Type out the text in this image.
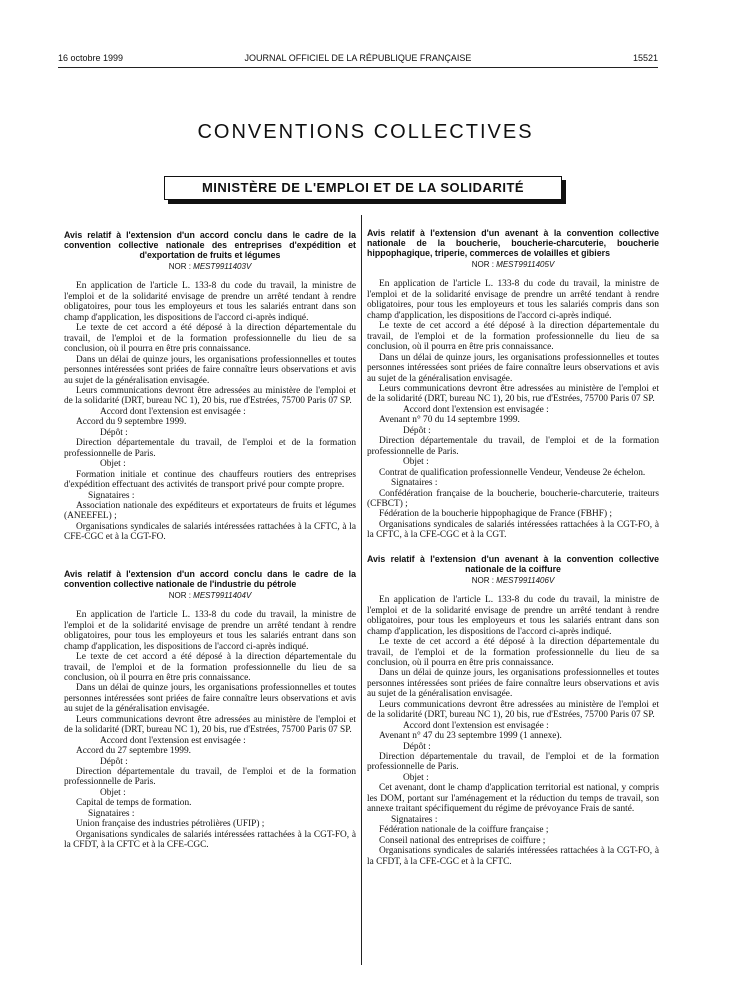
16 octobre 1999	JOURNAL OFFICIEL DE LA RÉPUBLIQUE FRANÇAISE	15521
CONVENTIONS COLLECTIVES
MINISTÈRE DE L'EMPLOI ET DE LA SOLIDARITÉ
Avis relatif à l'extension d'un accord conclu dans le cadre de la convention collective nationale des entreprises d'expédition et d'exportation de fruits et légumes
NOR : MEST9911403V

En application de l'article L. 133-8 du code du travail, la ministre de l'emploi et de la solidarité envisage de prendre un arrêté tendant à rendre obligatoires, pour tous les employeurs et tous les salariés entrant dans son champ d'application, les dispositions de l'accord ci-après indiqué.

Le texte de cet accord a été déposé à la direction départementale du travail, de l'emploi et de la formation professionnelle du lieu de sa conclusion, où il pourra en être pris connaissance.

Dans un délai de quinze jours, les organisations professionnelles et toutes personnes intéressées sont priées de faire connaître leurs observations et avis au sujet de la généralisation envisagée.

Leurs communications devront être adressées au ministère de l'emploi et de la solidarité (DRT, bureau NC 1), 20 bis, rue d'Estrées, 75700 Paris 07 SP.

Accord dont l'extension est envisagée :

Accord du 9 septembre 1999.

Dépôt :

Direction départementale du travail, de l'emploi et de la formation professionnelle de Paris.

Objet :

Formation initiale et continue des chauffeurs routiers des entreprises d'expédition effectuant des activités de transport privé pour compte propre.

Signataires :

Association nationale des expéditeurs et exportateurs de fruits et légumes (ANEEFEL) ;

Organisations syndicales de salariés intéressées rattachées à la CFTC, à la CFE-CGC et à la CGT-FO.

Avis relatif à l'extension d'un accord conclu dans le cadre de la convention collective nationale de l'industrie du pétrole
NOR : MEST9911404V

En application de l'article L. 133-8 du code du travail, la ministre de l'emploi et de la solidarité envisage de prendre un arrêté tendant à rendre obligatoires, pour tous les employeurs et tous les salariés entrant dans son champ d'application, les dispositions de l'accord ci-après indiqué.

Le texte de cet accord a été déposé à la direction départementale du travail, de l'emploi et de la formation professionnelle du lieu de sa conclusion, où il pourra en être pris connaissance.

Dans un délai de quinze jours, les organisations professionnelles et toutes personnes intéressées sont priées de faire connaître leurs observations et avis au sujet de la généralisation envisagée.

Leurs communications devront être adressées au ministère de l'emploi et de la solidarité (DRT, bureau NC 1), 20 bis, rue d'Estrées, 75700 Paris 07 SP.

Accord dont l'extension est envisagée :

Accord du 27 septembre 1999.

Dépôt :

Direction départementale du travail, de l'emploi et de la formation professionnelle de Paris.

Objet :

Capital de temps de formation.

Signataires :

Union française des industries pétrolières (UFIP) ;

Organisations syndicales de salariés intéressées rattachées à la CGT-FO, à la CFDT, à la CFTC et à la CFE-CGC.

Avis relatif à l'extension d'un avenant à la convention collective nationale de la boucherie, boucherie-charcuterie, boucherie hippophagique, triperie, commerces de volailles et gibiers
NOR : MEST9911405V

En application de l'article L. 133-8 du code du travail, la ministre de l'emploi et de la solidarité envisage de prendre un arrêté tendant à rendre obligatoires, pour tous les employeurs et tous les salariés compris dans son champ d'application, les dispositions de l'accord ci-après indiqué.

Le texte de cet accord a été déposé à la direction départementale du travail, de l'emploi et de la formation professionnelle du lieu de sa conclusion, où il pourra en être pris connaissance.

Dans un délai de quinze jours, les organisations professionnelles et toutes personnes intéressées sont priées de faire connaître leurs observations et avis au sujet de la généralisation envisagée.

Leurs communications devront être adressées au ministère de l'emploi et de la solidarité (DRT, bureau NC 1), 20 bis, rue d'Estrées, 75700 Paris 07 SP.

Accord dont l'extension est envisagée :

Avenant n° 70 du 14 septembre 1999.

Dépôt :

Direction départementale du travail, de l'emploi et de la formation professionnelle de Paris.

Objet :

Contrat de qualification professionnelle Vendeur, Vendeuse 2e échelon.

Signataires :

Confédération française de la boucherie, boucherie-charcuterie, traiteurs (CFBCT) ;

Fédération de la boucherie hippophagique de France (FBHF) ;

Organisations syndicales de salariés intéressées rattachées à la CGT-FO, à la CFTC, à la CFE-CGC et à la CGT.

Avis relatif à l'extension d'un avenant à la convention collective nationale de la coiffure
NOR : MEST9911406V

En application de l'article L. 133-8 du code du travail, la ministre de l'emploi et de la solidarité envisage de prendre un arrêté tendant à rendre obligatoires, pour tous les employeurs et tous les salariés entrant dans son champ d'application, les dispositions de l'accord ci-après indiqué.

Le texte de cet accord a été déposé à la direction départementale du travail, de l'emploi et de la formation professionnelle du lieu de sa conclusion, où il pourra en être pris connaissance.

Dans un délai de quinze jours, les organisations professionnelles et toutes personnes intéressées sont priées de faire connaître leurs observations et avis au sujet de la généralisation envisagée.

Leurs communications devront être adressées au ministère de l'emploi et de la solidarité (DRT, bureau NC 1), 20 bis, rue d'Estrées, 75700 Paris 07 SP.

Accord dont l'extension est envisagée :

Avenant n° 47 du 23 septembre 1999 (1 annexe).

Dépôt :

Direction départementale du travail, de l'emploi et de la formation professionnelle de Paris.

Objet :

Cet avenant, dont le champ d'application territorial est national, y compris les DOM, portant sur l'aménagement et la réduction du temps de travail, son annexe traitant spécifiquement du régime de prévoyance Frais de santé.

Signataires :

Fédération nationale de la coiffure française ;

Conseil national des entreprises de coiffure ;

Organisations syndicales de salariés intéressées rattachées à la CGT-FO, à la CFDT, à la CFE-CGC et à la CFTC.
